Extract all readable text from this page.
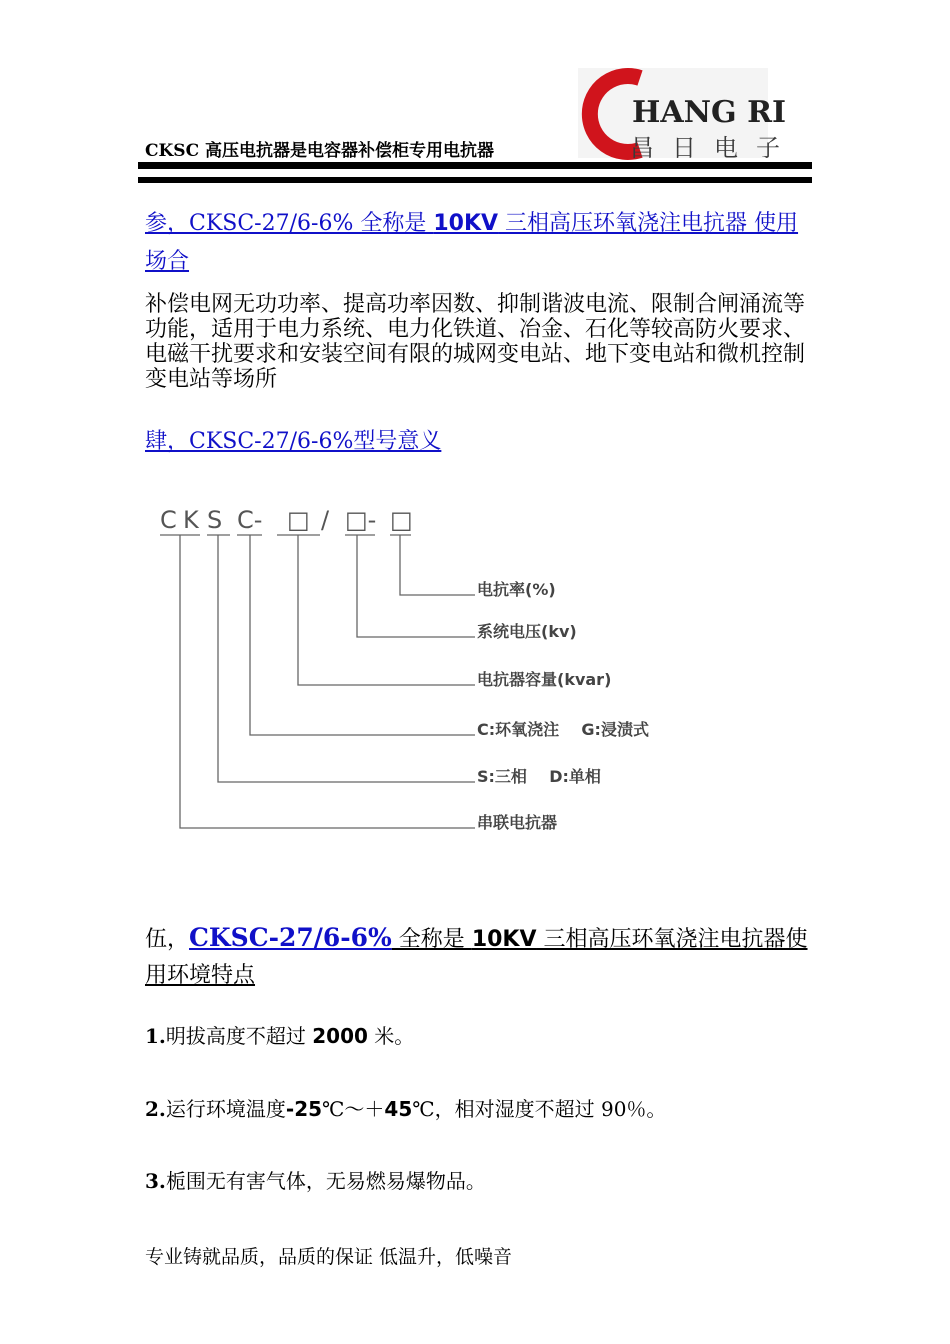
CKSC 高压电抗器是电容器补偿柜专用电抗器
HANG RI
昌日电子
参，CKSC-27/6-6% 全称是 10KV 三相高压环氧浇注电抗器 使用场合
补偿电网无功功率、提高功率因数、抑制谐波电流、限制合闸涌流等功能，适用于电力系统、电力化铁道、冶金、石化等较高防火要求、电磁干扰要求和安装空间有限的城网变电站、地下变电站和微机控制变电站等场所
肆，CKSC-27/6-6%型号意义
C K S C- □ / □- □
电抗率(%)
系统电压(kv)
电抗器容量(kvar)
C:环氧浇注    G:浸渍式
S:三相    D:单相
串联电抗器
伍，CKSC-27/6-6% 全称是 10KV 三相高压环氧浇注电抗器使用环境特点
1.明拔高度不超过 2000 米。
2.运行环境温度-25℃～＋45℃，相对湿度不超过 90％。
3.栀围无有害气体，无易燃易爆物品。
专业铸就品质，品质的保证 低温升，低噪音
